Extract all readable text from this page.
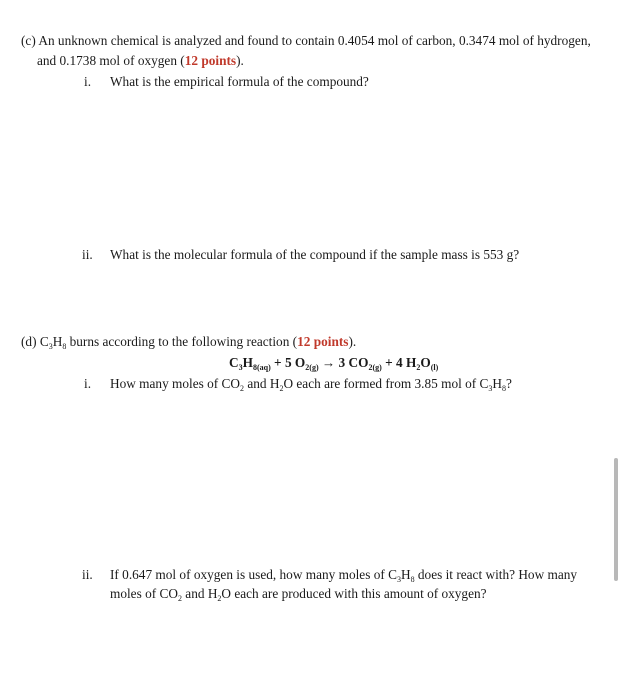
(c) An unknown chemical is analyzed and found to contain 0.4054 mol of carbon, 0.3474 mol of hydrogen,
and 0.1738 mol of oxygen (12 points).
i. What is the empirical formula of the compound?
ii. What is the molecular formula of the compound if the sample mass is 553 g?
(d) $C_3H_8$ burns according to the following reaction (12 points).
$C_3H_{8(aq)} + 5$ $O_{2(g)} \to 3$ $CO_{2(g)} + 4$ $H_2O_{(l)}$
i. How many moles of $CO_2$ and $H_2O$ each are formed from 3.85 mol of $C_3H_8$?
ii. If 0.647 mol of oxygen is used, how many moles of $C_3H_8$ does it react with? How many
moles of $CO_2$ and $H_2O$ each are produced with this amount of oxygen?
